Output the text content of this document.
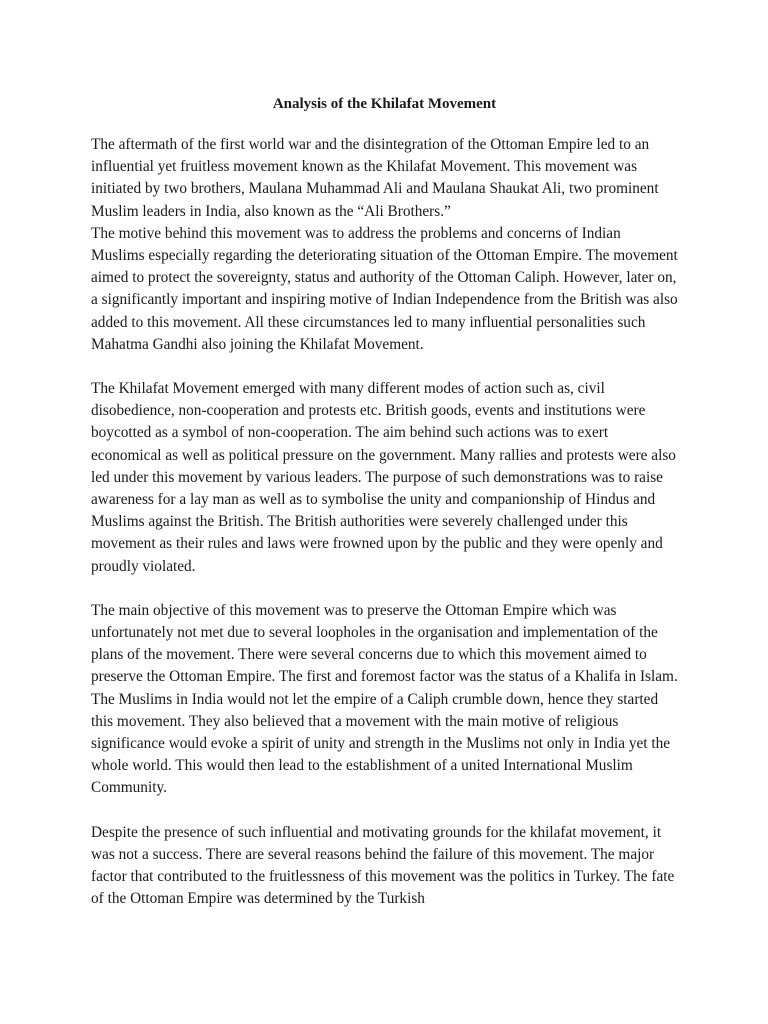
Analysis of the Khilafat Movement

The aftermath of the first world war and the disintegration of the Ottoman Empire led to an influential yet fruitless movement known as the Khilafat Movement. This movement was initiated by two brothers, Maulana Muhammad Ali and Maulana Shaukat Ali, two prominent Muslim leaders in India, also known as the “Ali Brothers.”

The motive behind this movement was to address the problems and concerns of Indian Muslims especially regarding the deteriorating situation of the Ottoman Empire. The movement aimed to protect the sovereignty, status and authority of the Ottoman Caliph. However, later on, a significantly important and inspiring motive of Indian Independence from the British was also added to this movement. All these circumstances led to many influential personalities such Mahatma Gandhi also joining the Khilafat Movement.

The Khilafat Movement emerged with many different modes of action such as, civil disobedience, non-cooperation and protests etc. British goods, events and institutions were boycotted as a symbol of non-cooperation. The aim behind such actions was to exert economical as well as political pressure on the government. Many rallies and protests were also led under this movement by various leaders. The purpose of such demonstrations was to raise awareness for a lay man as well as to symbolise the unity and companionship of Hindus and Muslims against the British. The British authorities were severely challenged under this movement as their rules and laws were frowned upon by the public and they were openly and proudly violated.

The main objective of this movement was to preserve the Ottoman Empire which was unfortunately not met due to several loopholes in the organisation and implementation of the plans of the movement. There were several concerns due to which this movement aimed to preserve the Ottoman Empire. The first and foremost factor was the status of a Khalifa in Islam. The Muslims in India would not let the empire of a Caliph crumble down, hence they started this movement. They also believed that a movement with the main motive of religious significance would evoke a spirit of unity and strength in the Muslims not only in India yet the whole world. This would then lead to the establishment of a united International Muslim Community.

Despite the presence of such influential and motivating grounds for the khilafat movement, it was not a success. There are several reasons behind the failure of this movement. The major factor that contributed to the fruitlessness of this movement was the politics in Turkey. The fate of the Ottoman Empire was determined by the Turkish
